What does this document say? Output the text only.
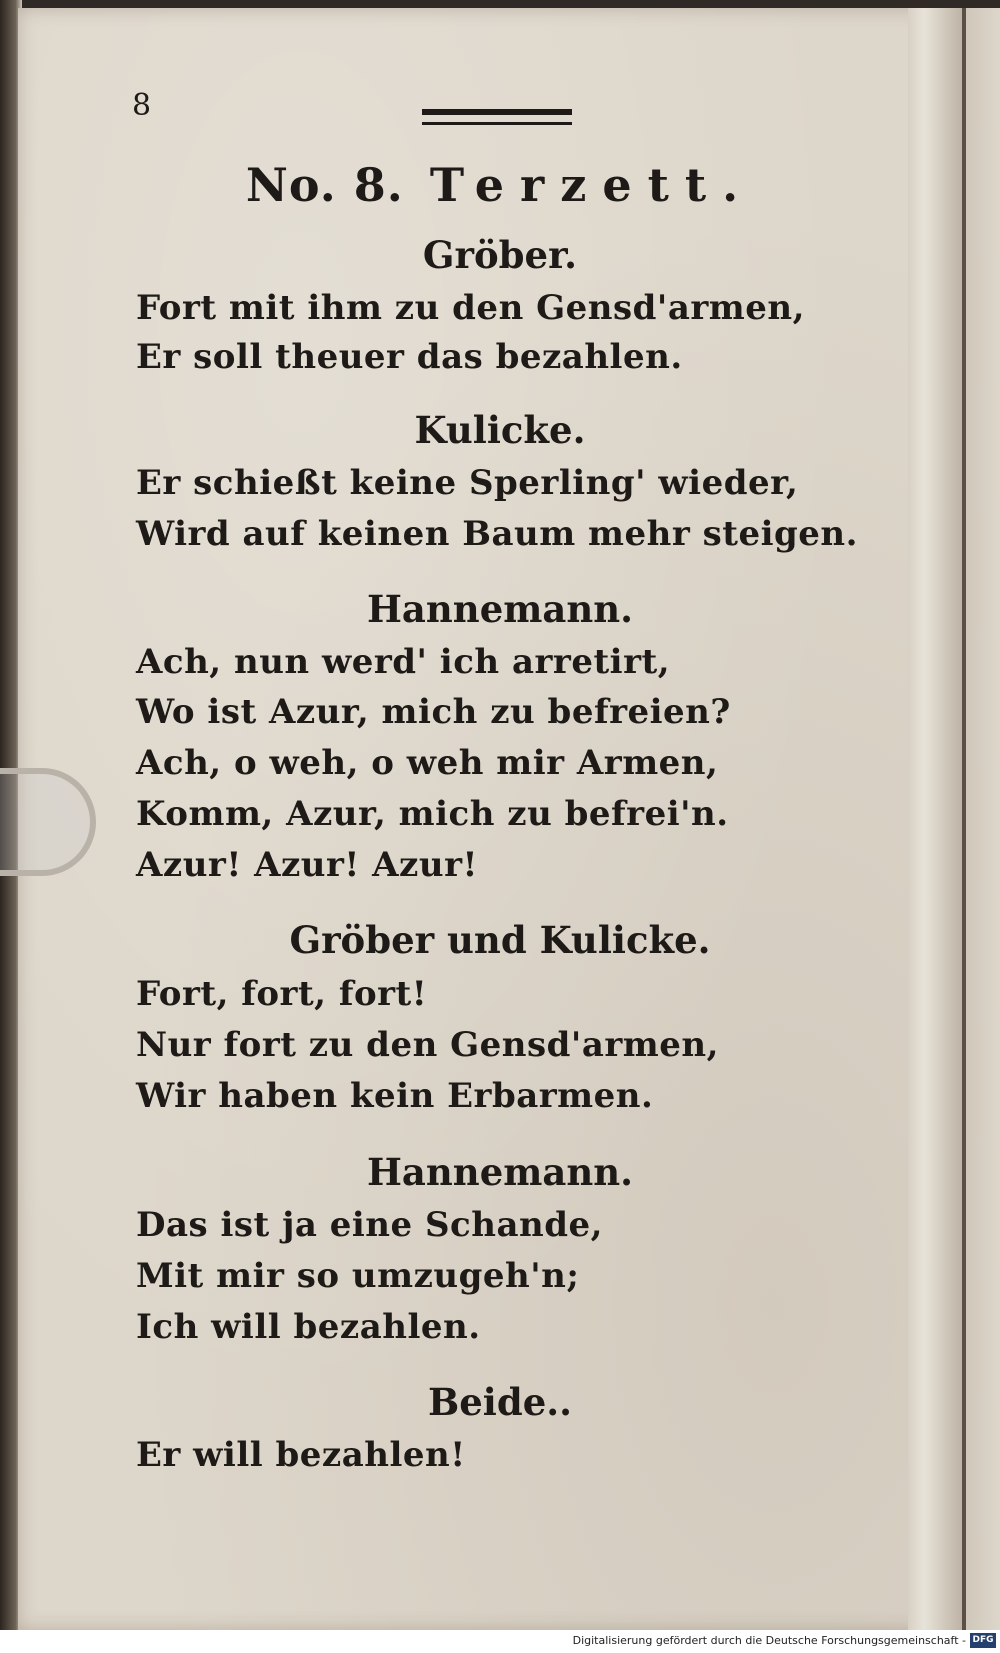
8
No. 8. Terzett.
Gröber.
Fort mit ihm zu den Gensd'armen,
Er soll theuer das bezahlen.
Kulicke.
Er schießt keine Sperling' wieder,
Wird auf keinen Baum mehr steigen.
Hannemann.
Ach, nun werd' ich arretirt,
Wo ist Azur, mich zu befreien?
Ach, o weh, o weh mir Armen,
Komm, Azur, mich zu befrei'n.
Azur! Azur! Azur!
Gröber und Kulicke.
Fort, fort, fort!
Nur fort zu den Gensd'armen,
Wir haben kein Erbarmen.
Hannemann.
Das ist ja eine Schande,
Mit mir so umzugeh'n;
Ich will bezahlen.
Beide..
Er will bezahlen!
Digitalisierung gefördert durch die Deutsche Forschungsgemeinschaft - DFG
